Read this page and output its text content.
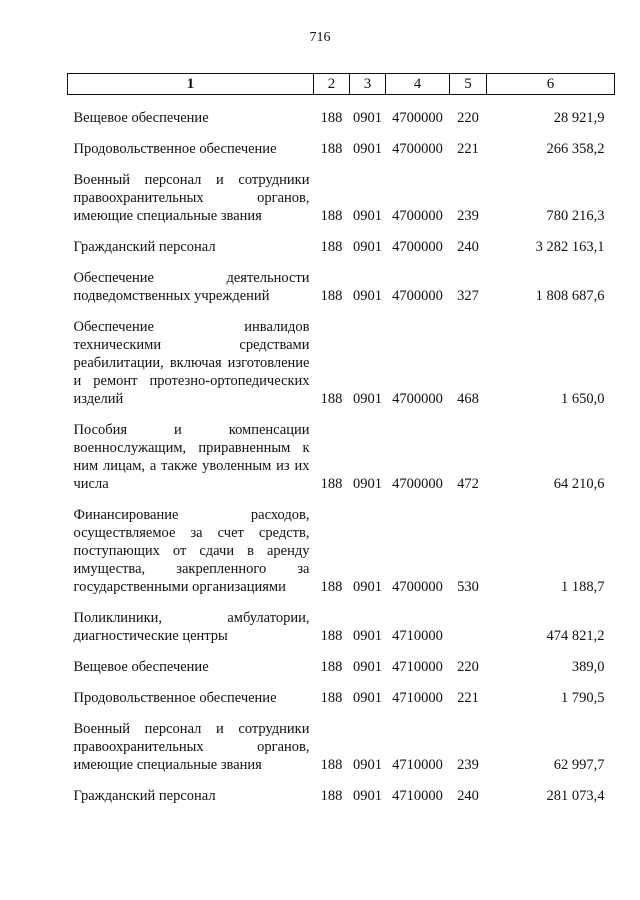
716
1	2	3	4	5	6
Вещевое обеспечение	188	0901	4700000	220	28 921,9
Продовольственное обеспечение	188	0901	4700000	221	266 358,2
Военный персонал и сотрудники правоохранительных органов, имеющие специальные звания	188	0901	4700000	239	780 216,3
Гражданский персонал	188	0901	4700000	240	3 282 163,1
Обеспечение деятельности подведомственных учреждений	188	0901	4700000	327	1 808 687,6
Обеспечение инвалидов техническими средствами реабилитации, включая изготовление и ремонт протезно-ортопедических изделий	188	0901	4700000	468	1 650,0
Пособия и компенсации военнослужащим, приравненным к ним лицам, а также уволенным из их числа	188	0901	4700000	472	64 210,6
Финансирование расходов, осуществляемое за счет средств, поступающих от сдачи в аренду имущества, закрепленного за государственными организациями	188	0901	4700000	530	1 188,7
Поликлиники, амбулатории, диагностические центры	188	0901	4710000		474 821,2
Вещевое обеспечение	188	0901	4710000	220	389,0
Продовольственное обеспечение	188	0901	4710000	221	1 790,5
Военный персонал и сотрудники правоохранительных органов, имеющие специальные звания	188	0901	4710000	239	62 997,7
Гражданский персонал	188	0901	4710000	240	281 073,4
